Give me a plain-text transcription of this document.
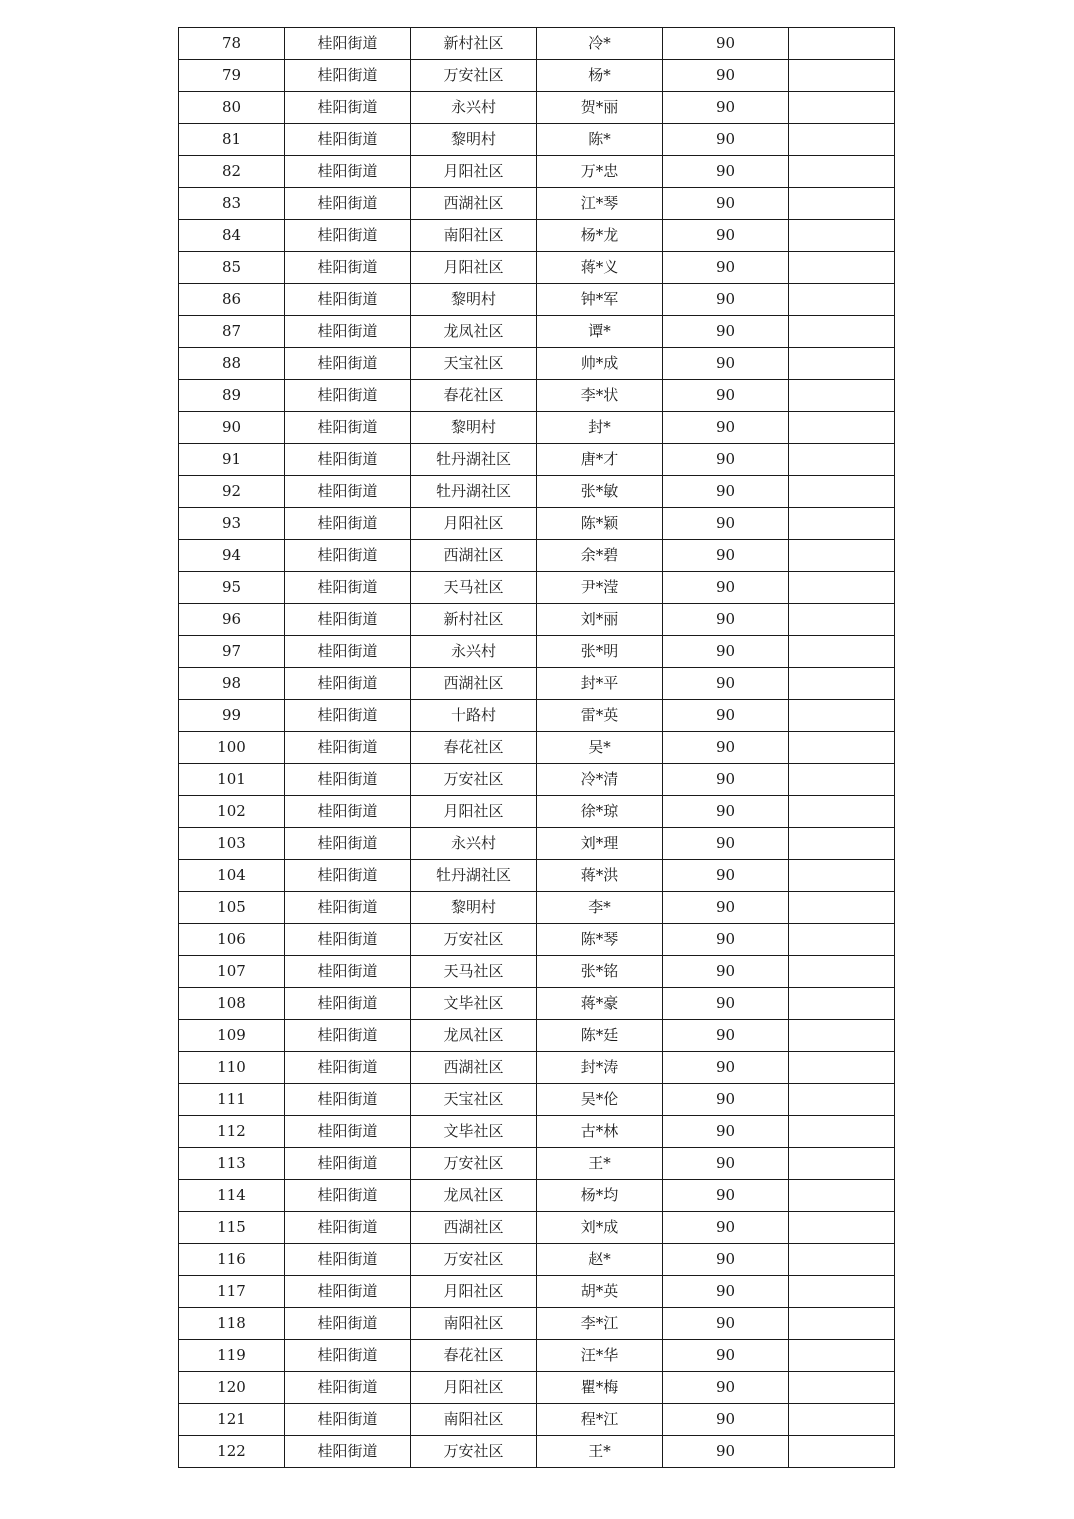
78	桂阳街道	新村社区	冷*	90	
79	桂阳街道	万安社区	杨*	90	
80	桂阳街道	永兴村	贺*丽	90	
81	桂阳街道	黎明村	陈*	90	
82	桂阳街道	月阳社区	万*忠	90	
83	桂阳街道	西湖社区	江*琴	90	
84	桂阳街道	南阳社区	杨*龙	90	
85	桂阳街道	月阳社区	蒋*义	90	
86	桂阳街道	黎明村	钟*军	90	
87	桂阳街道	龙凤社区	谭*	90	
88	桂阳街道	天宝社区	帅*成	90	
89	桂阳街道	春花社区	李*状	90	
90	桂阳街道	黎明村	封*	90	
91	桂阳街道	牡丹湖社区	唐*才	90	
92	桂阳街道	牡丹湖社区	张*敏	90	
93	桂阳街道	月阳社区	陈*颖	90	
94	桂阳街道	西湖社区	余*碧	90	
95	桂阳街道	天马社区	尹*滢	90	
96	桂阳街道	新村社区	刘*丽	90	
97	桂阳街道	永兴村	张*明	90	
98	桂阳街道	西湖社区	封*平	90	
99	桂阳街道	十路村	雷*英	90	
100	桂阳街道	春花社区	吴*	90	
101	桂阳街道	万安社区	冷*清	90	
102	桂阳街道	月阳社区	徐*琼	90	
103	桂阳街道	永兴村	刘*理	90	
104	桂阳街道	牡丹湖社区	蒋*洪	90	
105	桂阳街道	黎明村	李*	90	
106	桂阳街道	万安社区	陈*琴	90	
107	桂阳街道	天马社区	张*铭	90	
108	桂阳街道	文毕社区	蒋*豪	90	
109	桂阳街道	龙凤社区	陈*廷	90	
110	桂阳街道	西湖社区	封*涛	90	
111	桂阳街道	天宝社区	吴*伦	90	
112	桂阳街道	文毕社区	古*林	90	
113	桂阳街道	万安社区	王*	90	
114	桂阳街道	龙凤社区	杨*均	90	
115	桂阳街道	西湖社区	刘*成	90	
116	桂阳街道	万安社区	赵*	90	
117	桂阳街道	月阳社区	胡*英	90	
118	桂阳街道	南阳社区	李*江	90	
119	桂阳街道	春花社区	汪*华	90	
120	桂阳街道	月阳社区	瞿*梅	90	
121	桂阳街道	南阳社区	程*江	90	
122	桂阳街道	万安社区	王*	90	
